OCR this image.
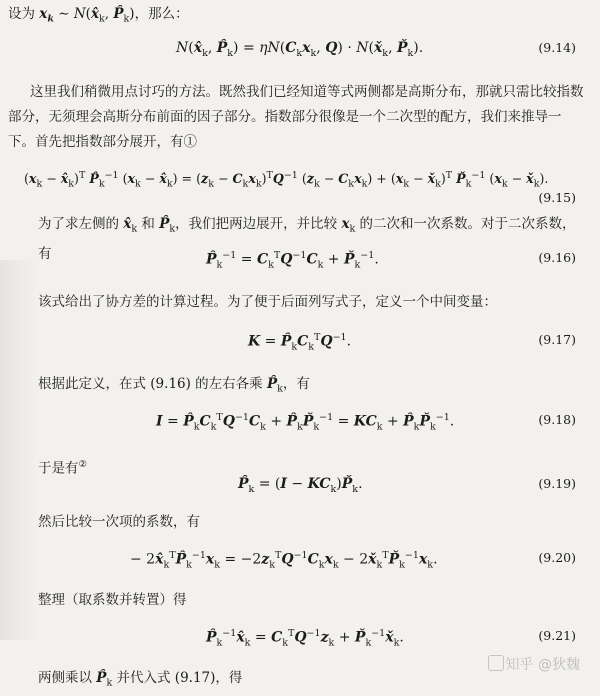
设为 $x_k$ ∼ $N(x̂_k$, $P̂_k$)，那么：
$N(x̂_k$, $P̂_k) = \eta N(C_kx_k$, $Q) \cdot N(x̌_k$, $P̌_k$).	(9.14)
这里我们稍微用点讨巧的方法。既然我们已经知道等式两侧都是高斯分布，那就只需比较指数部分，无须理会高斯分布前面的因子部分。指数部分很像是一个二次型的配方，我们来推导一下。首先把指数部分展开，有①
($x_k$ − $x̂_k)^T$ $P̂_k^{-1}$ ($x_k$ − $x̂_k) = (z_k - C_kx_k)^TQ^{-1}$ $(z_k - C_kx_k) + (x_k$ − $x̌_k)^T$ $P̌_k^{-1}$ ($x_k$ − $x̌_k$).
(9.15)
为了求左侧的 $x̂_k$ 和 $P̂_k$，我们把两边展开，并比较 $x_k$ 的二次和一次系数。对于二次系数，有	$P̂_k^{-1} = C_k^TQ^{-1}C_k$ + $P̌_k^{-1}$.	(9.16)
该式给出了协方差的计算过程。为了便于后面列写式子，定义一个中间变量：
$K = P̂_kC_k^TQ^{-1}$.	(9.17)
根据此定义，在式 (9.16) 的左右各乘 $P̂_k$，有
$I = P̂_kC_k^TQ^{-1}C_k$ + $P̂_kP̌_k^{-1} = KC_k$ + $P̂_kP̌_k^{-1}$.	(9.18)
于是有②
$P̂_k = (I$ − $KC_k)P̌_k$.	(9.19)
然后比较一次项的系数，有
− $2x̂_k^TP̂_k^{-1}x_k = -2z_k^TQ^{-1}C_kx_k$ − $2x̌_k^TP̌_k^{-1}x_k$.	(9.20)
整理（取系数并转置）得
$P̂_k^{-1}x̂_k = C_k^TQ^{-1}z_k$ + $P̌_k^{-1}x̌_k$.	(9.21)
两侧乘以 $P̂_k$ 并代入式 (9.17)，得
知乎 @狄魏
